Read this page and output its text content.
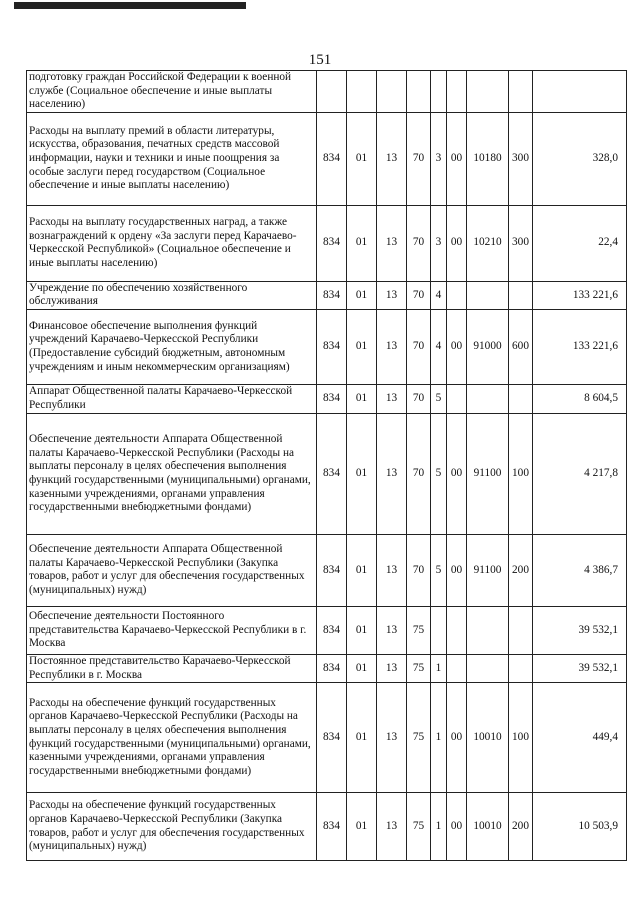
151
подготовку граждан Российской Федерации к военной службе (Социальное обеспечение и иные выплаты населению)									
Расходы на выплату премий в области литературы, искусства, образования, печатных средств массовой информации, науки и техники и иные поощрения за особые заслуги перед государством (Социальное обеспечение и иные выплаты населению)	834	01	13	70	3	00	10180	300	328,0
Расходы на выплату государственных наград, а также вознаграждений к ордену «За заслуги перед Карачаево-Черкесской Республикой» (Социальное обеспечение и иные выплаты населению)	834	01	13	70	3	00	10210	300	22,4
Учреждение по обеспечению хозяйственного обслуживания	834	01	13	70	4				133 221,6
Финансовое обеспечение выполнения функций учреждений Карачаево-Черкесской Республики (Предоставление субсидий бюджетным, автономным учреждениям и иным некоммерческим организациям)	834	01	13	70	4	00	91000	600	133 221,6
Аппарат Общественной палаты Карачаево-Черкесской Республики	834	01	13	70	5				8 604,5
Обеспечение деятельности Аппарата Общественной палаты Карачаево-Черкесской Республики (Расходы на выплаты персоналу в целях обеспечения выполнения функций государственными (муниципальными) органами, казенными учреждениями, органами управления государственными внебюджетными фондами)	834	01	13	70	5	00	91100	100	4 217,8
Обеспечение деятельности Аппарата Общественной палаты Карачаево-Черкесской Республики (Закупка товаров, работ и услуг для обеспечения государственных (муниципальных) нужд)	834	01	13	70	5	00	91100	200	4 386,7
Обеспечение деятельности Постоянного представительства Карачаево-Черкесской Республики в г. Москва	834	01	13	75					39 532,1
Постоянное представительство Карачаево-Черкесской Республики в г. Москва	834	01	13	75	1				39 532,1
Расходы на обеспечение функций государственных органов Карачаево-Черкесской Республики (Расходы на выплаты персоналу в целях обеспечения выполнения функций государственными (муниципальными) органами, казенными учреждениями, органами управления государственными внебюджетными фондами)	834	01	13	75	1	00	10010	100	449,4
Расходы на обеспечение функций государственных органов Карачаево-Черкесской Республики (Закупка товаров, работ и услуг для обеспечения государственных (муниципальных) нужд)	834	01	13	75	1	00	10010	200	10 503,9
